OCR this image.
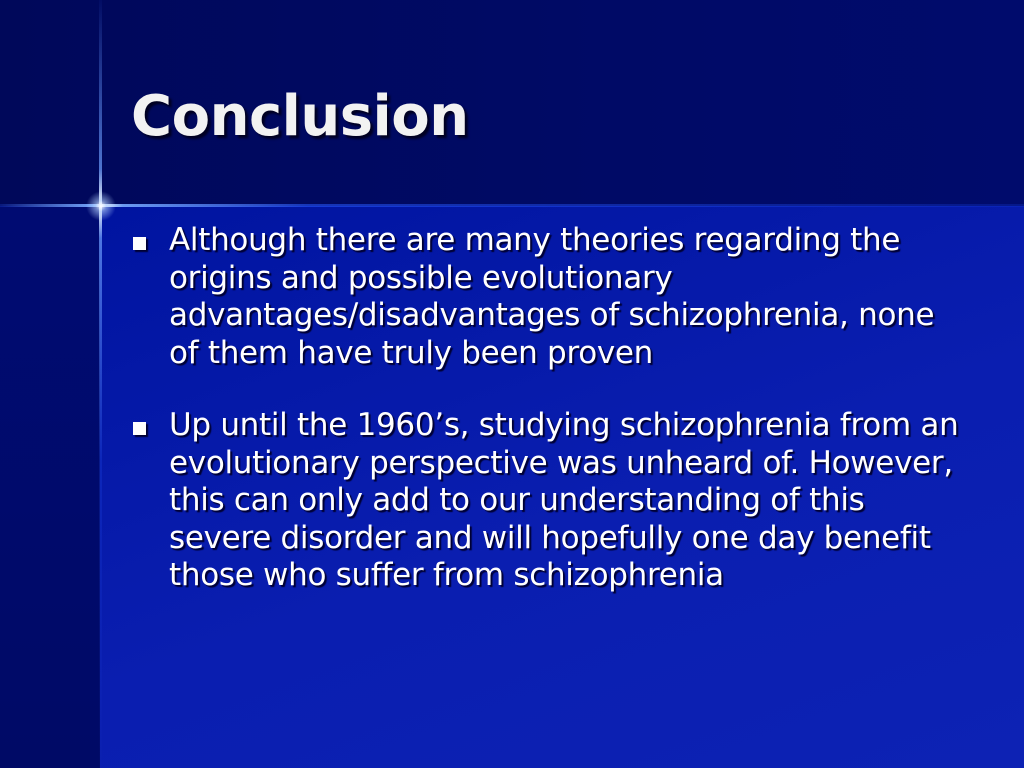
Conclusion
Although there are many theories regarding the origins and possible evolutionary advantages/disadvantages of schizophrenia, none of them have truly been proven
Up until the 1960’s, studying schizophrenia from an evolutionary perspective was unheard of. However, this can only add to our understanding of this severe disorder and will hopefully one day benefit those who suffer from schizophrenia
